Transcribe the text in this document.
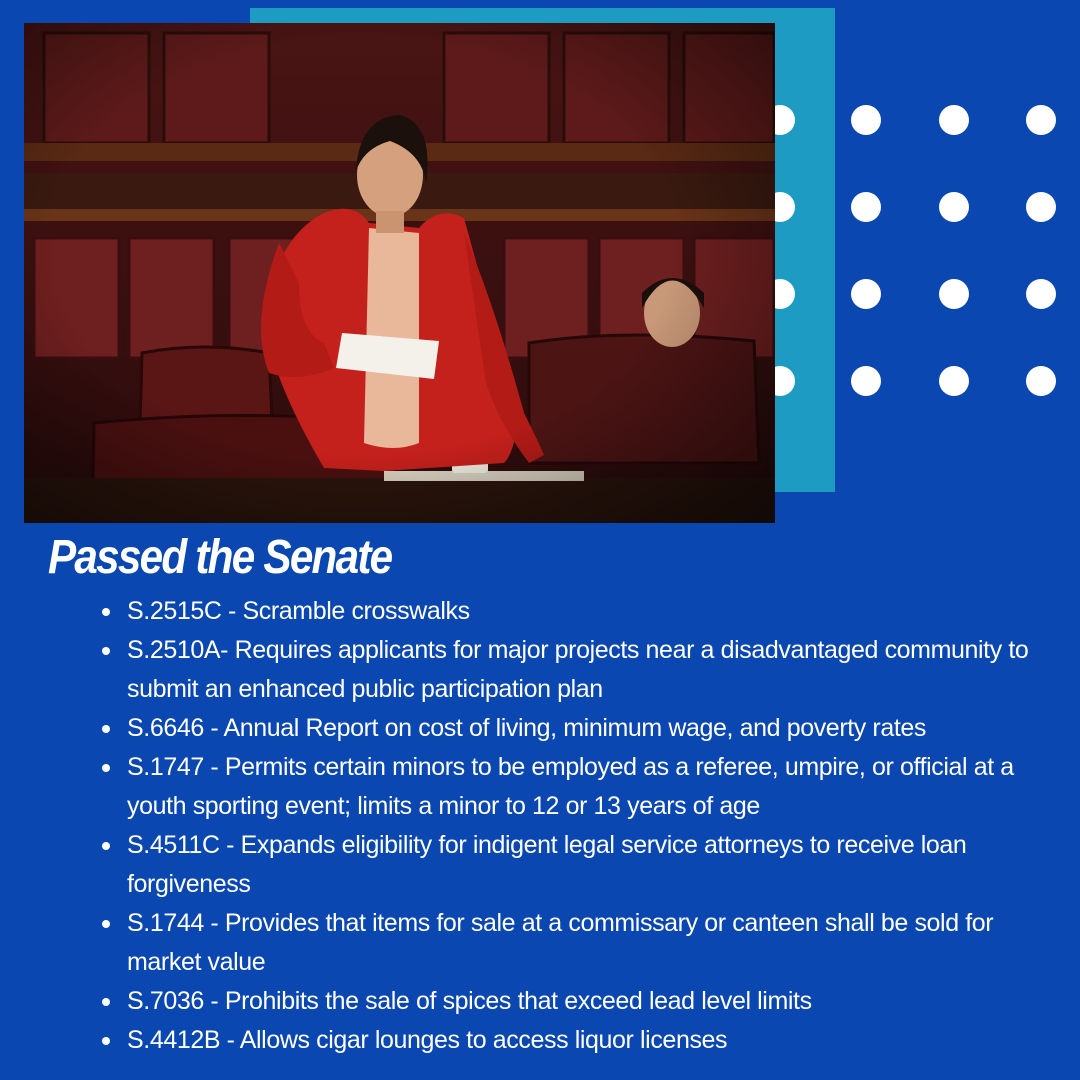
Passed the Senate
S.2515C - Scramble crosswalks
S.2510A- Requires applicants for major projects near a disadvantaged community to submit an enhanced public participation plan
S.6646 - Annual Report on cost of living, minimum wage, and poverty rates
S.1747 - Permits certain minors to be employed as a referee, umpire, or official at a youth sporting event; limits a minor to 12 or 13 years of age
S.4511C - Expands eligibility for indigent legal service attorneys to receive loan forgiveness
S.1744 - Provides that items for sale at a commissary or canteen shall be sold for market value
S.7036 - Prohibits the sale of spices that exceed lead level limits
S.4412B - Allows cigar lounges to access liquor licenses
